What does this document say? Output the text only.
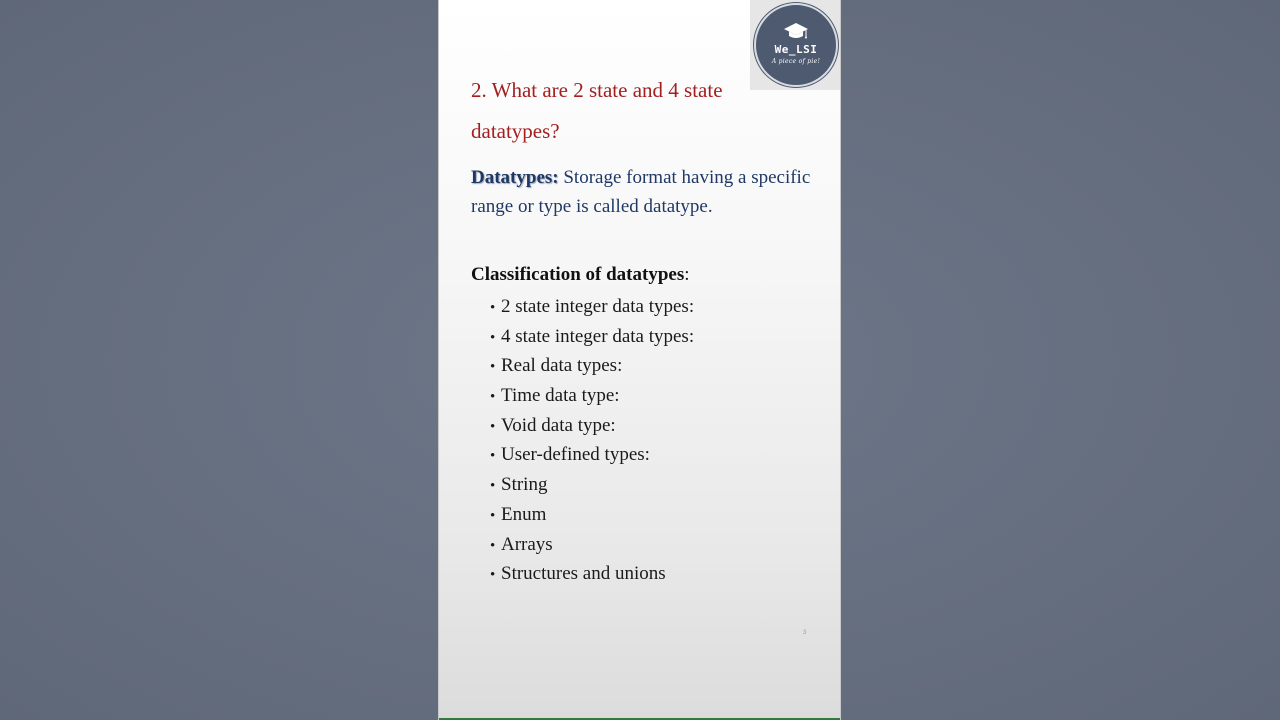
We_LSI
A piece of pie!
2. What are 2 state and 4 state datatypes?

Datatypes: Storage format having a specific range or type is called datatype.

Classification of datatypes:

• 2 state integer data types:
• 4 state integer data types:
• Real data types:
• Time data type:
• Void data type:
• User-defined types:
• String
• Enum
• Arrays
• Structures and unions
3
